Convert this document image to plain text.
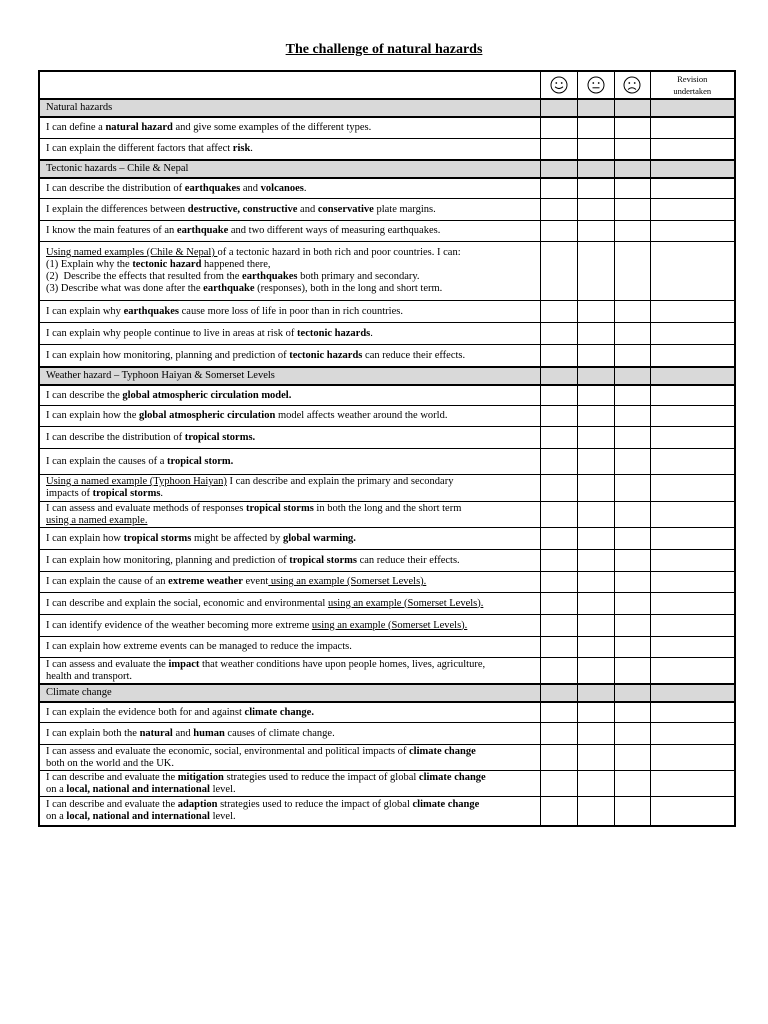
The challenge of natural hazards

Revision
undertaken

Natural hazards				

I can define a natural hazard and give some examples of the different types.				

I can explain the different factors that affect risk.				

Tectonic hazards – Chile & Nepal				

I can describe the distribution of earthquakes and volcanoes.				

I explain the differences between destructive, constructive and conservative plate margins.				

I know the main features of an earthquake and two different ways of measuring earthquakes.				

Using named examples (Chile & Nepal) of a tectonic hazard in both rich and poor countries. I can:
(1) Explain why the tectonic hazard happened there,
(2)  Describe the effects that resulted from the earthquakes both primary and secondary.
(3) Describe what was done after the earthquake (responses), both in the long and short term.				

I can explain why earthquakes cause more loss of life in poor than in rich countries.				

I can explain why people continue to live in areas at risk of tectonic hazards.				

I can explain how monitoring, planning and prediction of tectonic hazards can reduce their effects.				

Weather hazard – Typhoon Haiyan & Somerset Levels				

I can describe the global atmospheric circulation model.				

I can explain how the global atmospheric circulation model affects weather around the world.				

I can describe the distribution of tropical storms.				

I can explain the causes of a tropical storm.				

Using a named example (Typhoon Haiyan) I can describe and explain the primary and secondary
impacts of tropical storms.				

I can assess and evaluate methods of responses tropical storms in both the long and the short term
using a named example.				

I can explain how tropical storms might be affected by global warming.				

I can explain how monitoring, planning and prediction of tropical storms can reduce their effects.				

I can explain the cause of an extreme weather event using an example (Somerset Levels).				

I can describe and explain the social, economic and environmental using an example (Somerset Levels).				

I can identify evidence of the weather becoming more extreme using an example (Somerset Levels).				

I can explain how extreme events can be managed to reduce the impacts.				

I can assess and evaluate the impact that weather conditions have upon people homes, lives, agriculture,
health and transport.				

Climate change				

I can explain the evidence both for and against climate change.				

I can explain both the natural and human causes of climate change.				

I can assess and evaluate the economic, social, environmental and political impacts of climate change
both on the world and the UK.				

I can describe and evaluate the mitigation strategies used to reduce the impact of global climate change
on a local, national and international level.				

I can describe and evaluate the adaption strategies used to reduce the impact of global climate change
on a local, national and international level.				
